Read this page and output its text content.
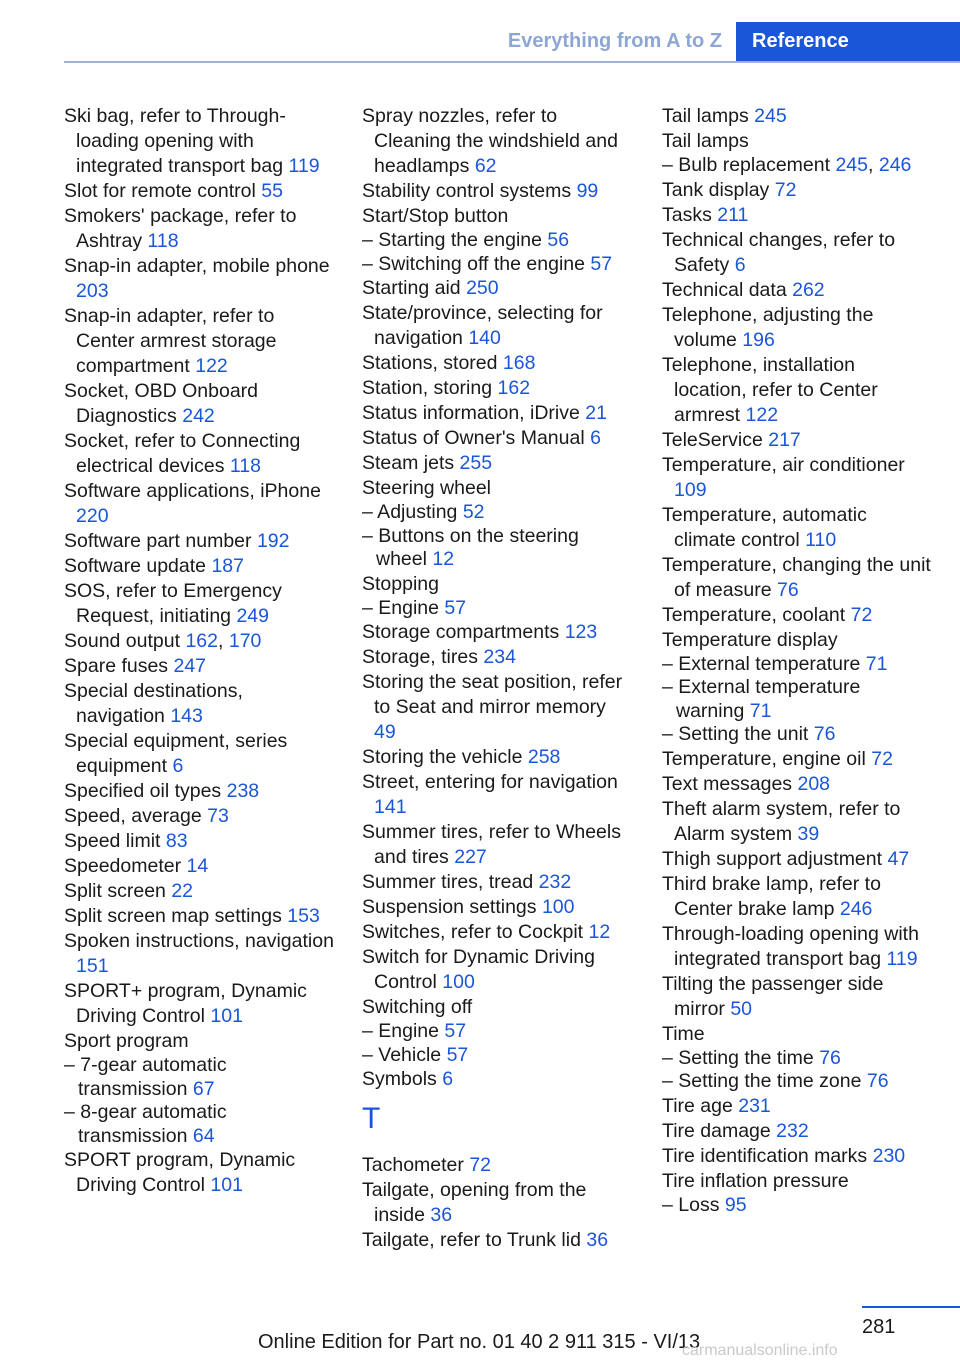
Everything from A to Z	Reference
Ski bag, refer to Through-loading opening with integrated transport bag 119
Slot for remote control 55
Smokers' package, refer to Ashtray 118
Snap-in adapter, mobile phone 203
Snap-in adapter, refer to Center armrest storage compartment 122
Socket, OBD Onboard Diagnostics 242
Socket, refer to Connecting electrical devices 118
Software applications, iPhone 220
Software part number 192
Software update 187
SOS, refer to Emergency Request, initiating 249
Sound output 162, 170
Spare fuses 247
Special destinations, navigation 143
Special equipment, series equipment 6
Specified oil types 238
Speed, average 73
Speed limit 83
Speedometer 14
Split screen 22
Split screen map settings 153
Spoken instructions, navigation 151
SPORT+ program, Dynamic Driving Control 101
Sport program
– 7-gear automatic transmission 67
– 8-gear automatic transmission 64
SPORT program, Dynamic Driving Control 101
Spray nozzles, refer to Cleaning the windshield and headlamps 62
Stability control systems 99
Start/Stop button
– Starting the engine 56
– Switching off the engine 57
Starting aid 250
State/province, selecting for navigation 140
Stations, stored 168
Station, storing 162
Status information, iDrive 21
Status of Owner's Manual 6
Steam jets 255
Steering wheel
– Adjusting 52
– Buttons on the steering wheel 12
Stopping
– Engine 57
Storage compartments 123
Storage, tires 234
Storing the seat position, refer to Seat and mirror memory 49
Storing the vehicle 258
Street, entering for navigation 141
Summer tires, refer to Wheels and tires 227
Summer tires, tread 232
Suspension settings 100
Switches, refer to Cockpit 12
Switch for Dynamic Driving Control 100
Switching off
– Engine 57
– Vehicle 57
Symbols 6
T
Tachometer 72
Tailgate, opening from the inside 36
Tailgate, refer to Trunk lid 36
Tail lamps 245
Tail lamps
– Bulb replacement 245, 246
Tank display 72
Tasks 211
Technical changes, refer to Safety 6
Technical data 262
Telephone, adjusting the volume 196
Telephone, installation location, refer to Center armrest 122
TeleService 217
Temperature, air conditioner 109
Temperature, automatic climate control 110
Temperature, changing the unit of measure 76
Temperature, coolant 72
Temperature display
– External temperature 71
– External temperature warning 71
– Setting the unit 76
Temperature, engine oil 72
Text messages 208
Theft alarm system, refer to Alarm system 39
Thigh support adjustment 47
Third brake lamp, refer to Center brake lamp 246
Through-loading opening with integrated transport bag 119
Tilting the passenger side mirror 50
Time
– Setting the time 76
– Setting the time zone 76
Tire age 231
Tire damage 232
Tire identification marks 230
Tire inflation pressure
– Loss 95
281
Online Edition for Part no. 01 40 2 911 315 - VI/13
carmanualsonline.info
